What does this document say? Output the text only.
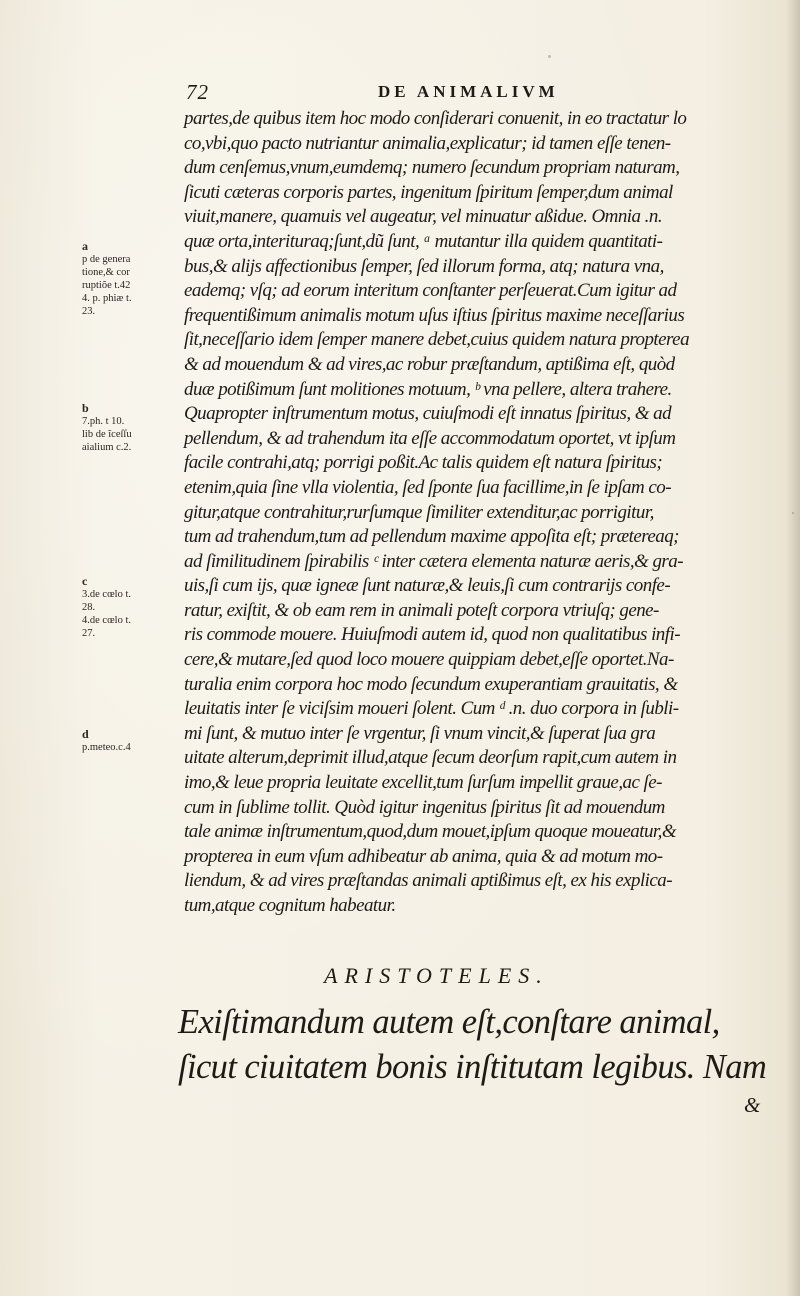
72	DE ANIMALIVM
a
p de genera
tione,& cor
ruptiõe t.42
4. p. phiæ t.
23.
b
7.ph. t 10.
lib de ĩceſſu
aialium c.2.
c
3.de cœlo t.
28.
4.de cœlo t.
27.
d
p.meteo.c.4
partes,de quibus item hoc modo conſiderari conuenit, in eo tractatur lo
co,vbi,quo pacto nutriantur animalia,explicatur; id tamen eſſe tenen-
dum cenſemus,vnum,eumdemq; numero ſecundum propriam naturam,
ſicuti cæteras corporis partes, ingenitum ſpiritum ſemper,dum animal
viuit,manere, quamuis vel augeatur, vel minuatur aßidue. Omnia .n.
quæ orta,interituraq;ſunt,dũ ſunt, ᵃ mutantur illa quidem quantitati-
bus,& alijs affectionibus ſemper, ſed illorum forma, atq; natura vna,
eademq; vſq; ad eorum interitum conſtanter perſeuerat.Cum igitur ad
frequentißimum animalis motum uſus iſtius ſpiritus maxime neceſſarius
ſit,neceſſario idem ſemper manere debet,cuius quidem natura propterea
& ad mouendum & ad vires,ac robur præſtandum, aptißima eſt, quòd
duæ potißimum ſunt molitiones motuum, ᵇ vna pellere, altera trahere.
Quapropter inſtrumentum motus, cuiuſmodi eſt innatus ſpiritus, & ad
pellendum, & ad trahendum ita eſſe accommodatum oportet, vt ipſum
facile contrahi,atq; porrigi poßit.Ac talis quidem eſt natura ſpiritus;
etenim,quia ſine vlla violentia, ſed ſponte ſua facillime,in ſe ipſam co-
gitur,atque contrahitur,rurſumque ſimiliter extenditur,ac porrigitur,
tum ad trahendum,tum ad pellendum maxime appoſita eſt; prætereaq;
ad ſimilitudinem ſpirabilis ᶜ inter cætera elementa naturæ aeris,& gra-
uis,ſi cum ijs, quæ igneæ ſunt naturæ,& leuis,ſi cum contrarijs confe-
ratur, exiſtit, & ob eam rem in animali poteſt corpora vtriuſq; gene-
ris commode mouere. Huiuſmodi autem id, quod non qualitatibus infi-
cere,& mutare,ſed quod loco mouere quippiam debet,eſſe oportet.Na-
turalia enim corpora hoc modo ſecundum exuperantiam grauitatis, &
leuitatis inter ſe viciſsim moueri ſolent. Cum ᵈ .n. duo corpora in ſubli-
mi ſunt, & mutuo inter ſe vrgentur, ſi vnum vincit,& ſuperat ſua gra
uitate alterum,deprimit illud,atque ſecum deorſum rapit,cum autem in
imo,& leue propria leuitate excellit,tum ſurſum impellit graue,ac ſe-
cum in ſublime tollit. Quòd igitur ingenitus ſpiritus ſit ad mouendum
tale animæ inſtrumentum,quod,dum mouet,ipſum quoque moueatur,&
propterea in eum vſum adhibeatur ab anima, quia & ad motum mo-
liendum, & ad vires præſtandas animali aptißimus eſt, ex his explica-
tum,atque cognitum habeatur.
ARISTOTELES.
Exiſtimandum autem eſt,conſtare animal,
ſicut ciuitatem bonis inſtitutam legibus. Nam
&
